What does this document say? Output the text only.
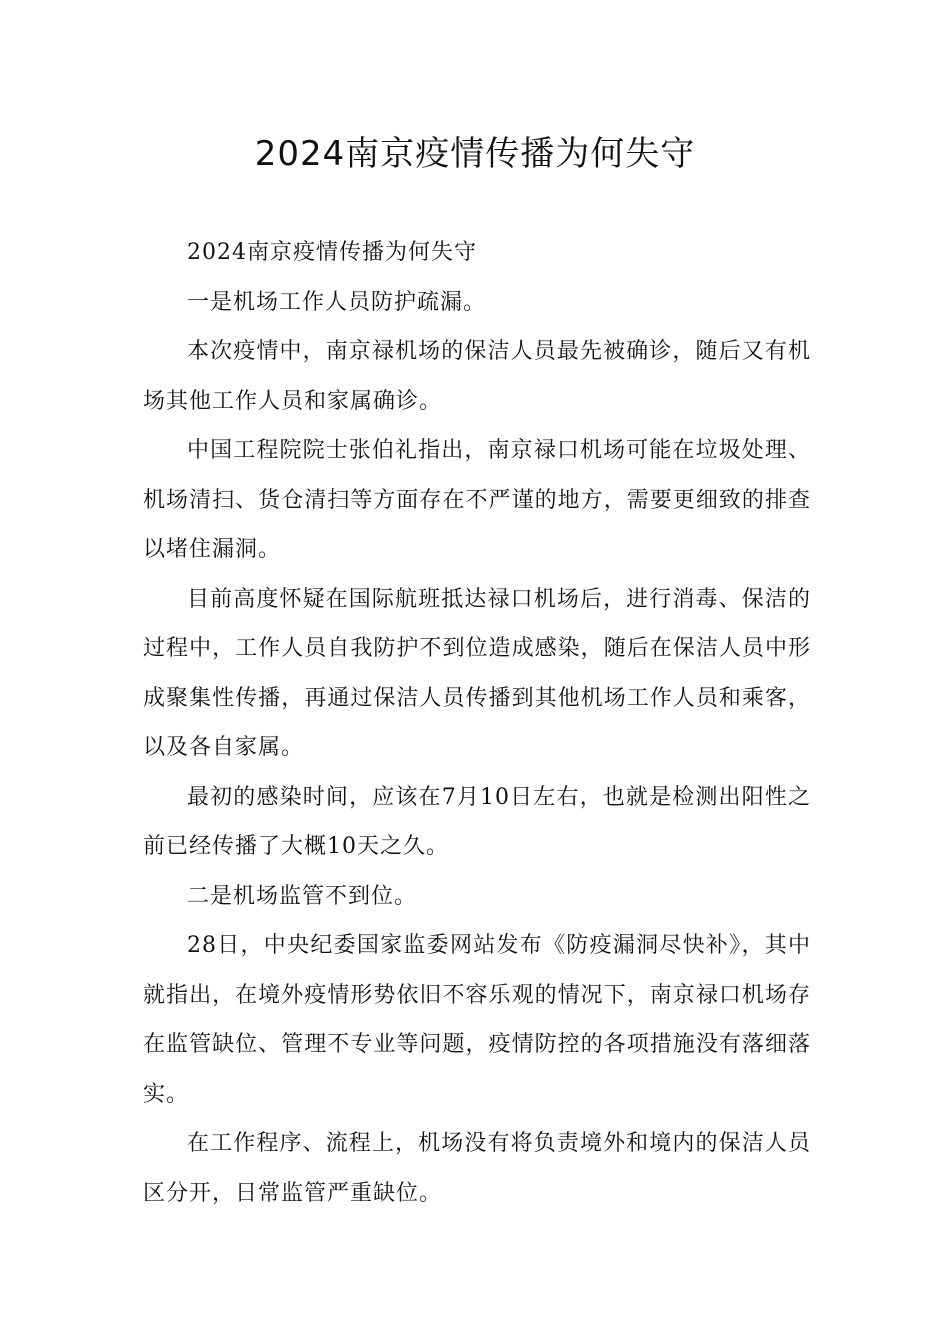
2024南京疫情传播为何失守

2024南京疫情传播为何失守

一是机场工作人员防护疏漏。

本次疫情中，南京禄机场的保洁人员最先被确诊，随后又有机场其他工作人员和家属确诊。

中国工程院院士张伯礼指出，南京禄口机场可能在垃圾处理、机场清扫、货仓清扫等方面存在不严谨的地方，需要更细致的排查以堵住漏洞。

目前高度怀疑在国际航班抵达禄口机场后，进行消毒、保洁的过程中，工作人员自我防护不到位造成感染，随后在保洁人员中形成聚集性传播，再通过保洁人员传播到其他机场工作人员和乘客，以及各自家属。

最初的感染时间，应该在7月10日左右，也就是检测出阳性之前已经传播了大概10天之久。

二是机场监管不到位。

28日，中央纪委国家监委网站发布《防疫漏洞尽快补》，其中就指出，在境外疫情形势依旧不容乐观的情况下，南京禄口机场存在监管缺位、管理不专业等问题，疫情防控的各项措施没有落细落实。

在工作程序、流程上，机场没有将负责境外和境内的保洁人员区分开，日常监管严重缺位。
